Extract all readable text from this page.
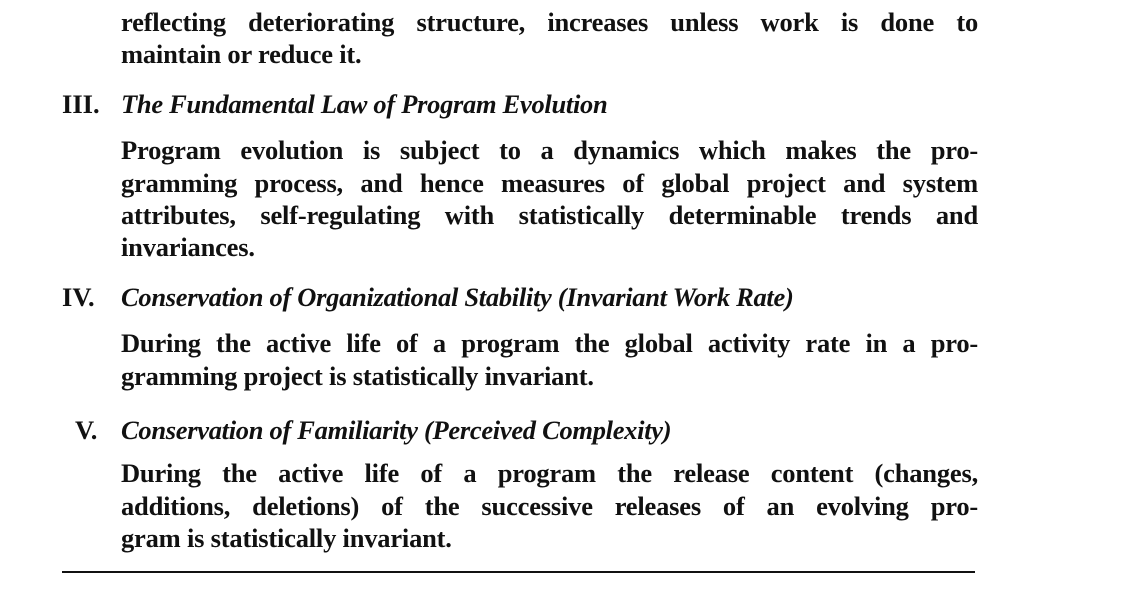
reflecting deteriorating structure, increases unless work is done to
maintain or reduce it.
III. The Fundamental Law of Program Evolution
Program evolution is subject to a dynamics which makes the pro-
gramming process, and hence measures of global project and system
attributes, self-regulating with statistically determinable trends and
invariances.
IV. Conservation of Organizational Stability (Invariant Work Rate)
During the active life of a program the global activity rate in a pro-
gramming project is statistically invariant.
V. Conservation of Familiarity (Perceived Complexity)
During the active life of a program the release content (changes,
additions, deletions) of the successive releases of an evolving pro-
gram is statistically invariant.
